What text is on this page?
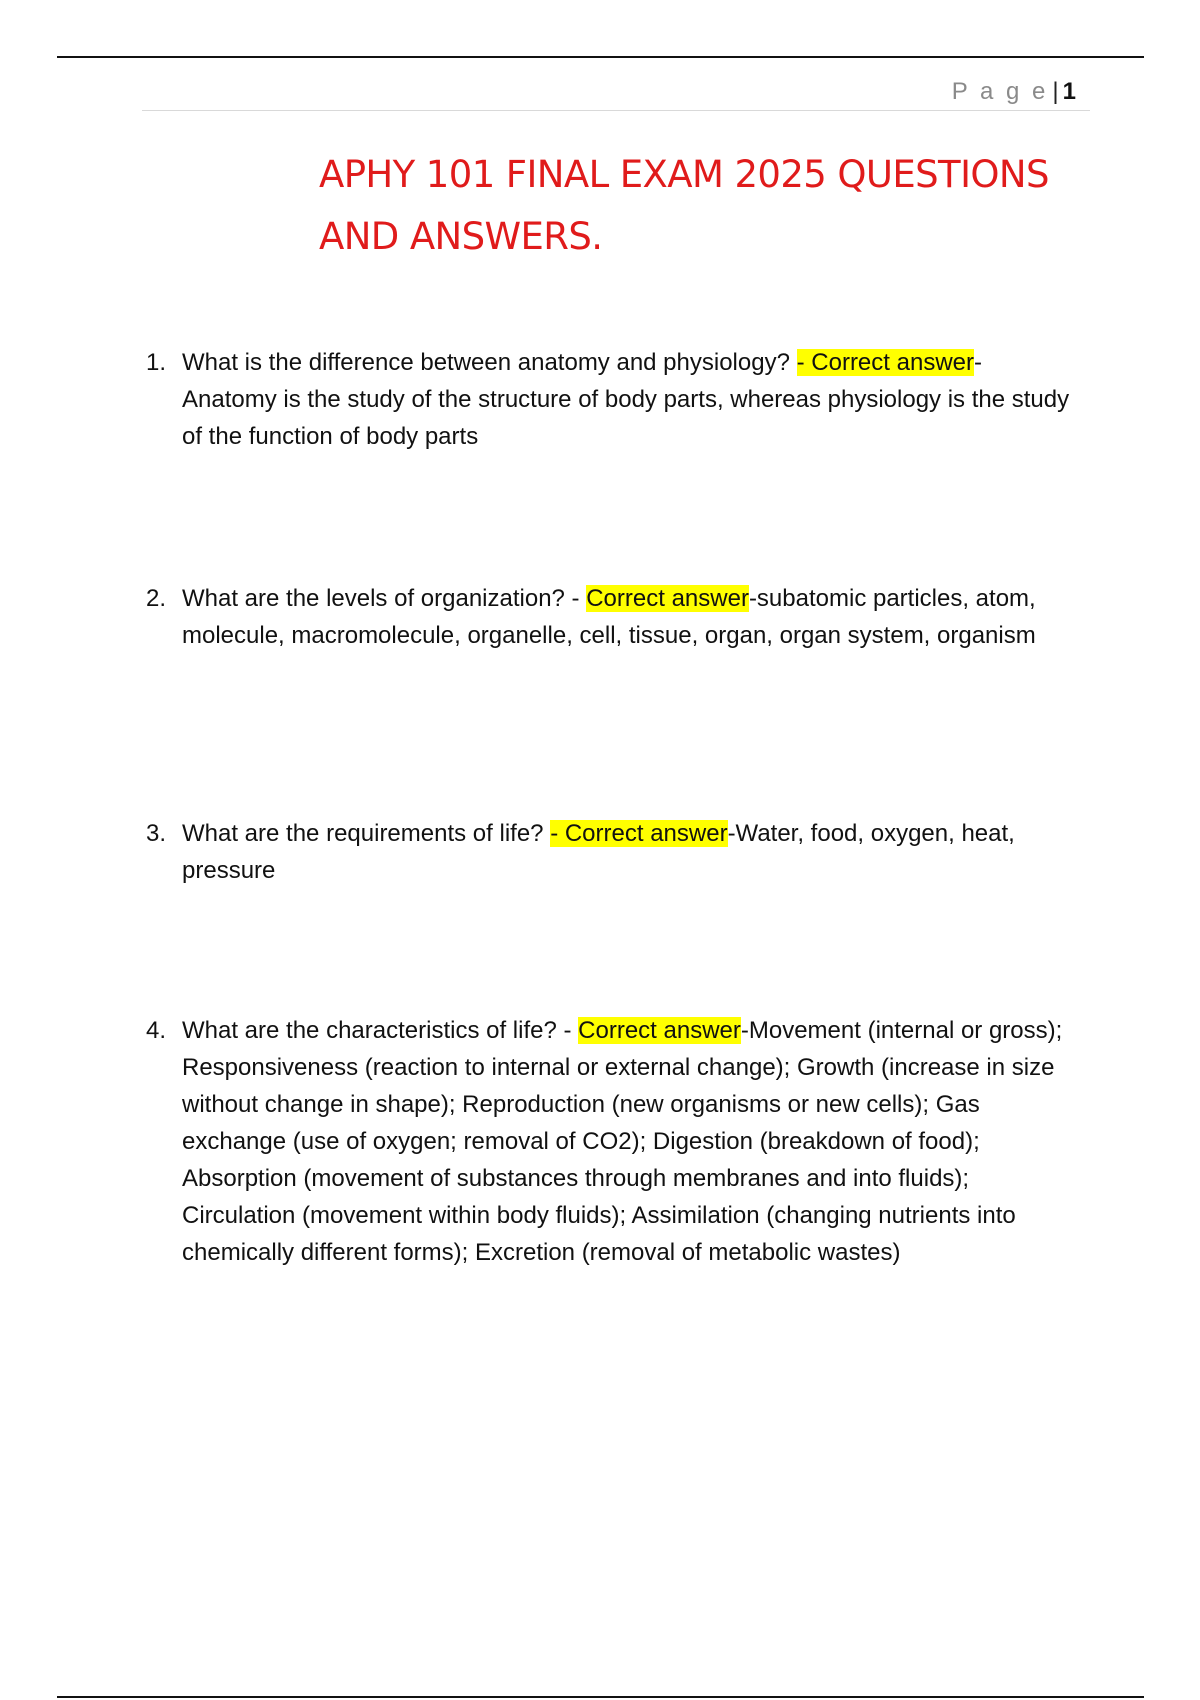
P a g e | 1
APHY 101 FINAL EXAM 2025 QUESTIONS
AND ANSWERS.
1. What is the difference between anatomy and physiology? - Correct answer-Anatomy is the study of the structure of body parts, whereas physiology is the study of the function of body parts
2. What are the levels of organization? - Correct answer-subatomic particles, atom, molecule, macromolecule, organelle, cell, tissue, organ, organ system, organism
3. What are the requirements of life? - Correct answer-Water, food, oxygen, heat, pressure
4. What are the characteristics of life? - Correct answer-Movement (internal or gross); Responsiveness (reaction to internal or external change); Growth (increase in size without change in shape); Reproduction (new organisms or new cells); Gas exchange (use of oxygen; removal of CO2); Digestion (breakdown of food); Absorption (movement of substances through membranes and into fluids); Circulation (movement within body fluids); Assimilation (changing nutrients into chemically different forms); Excretion (removal of metabolic wastes)
